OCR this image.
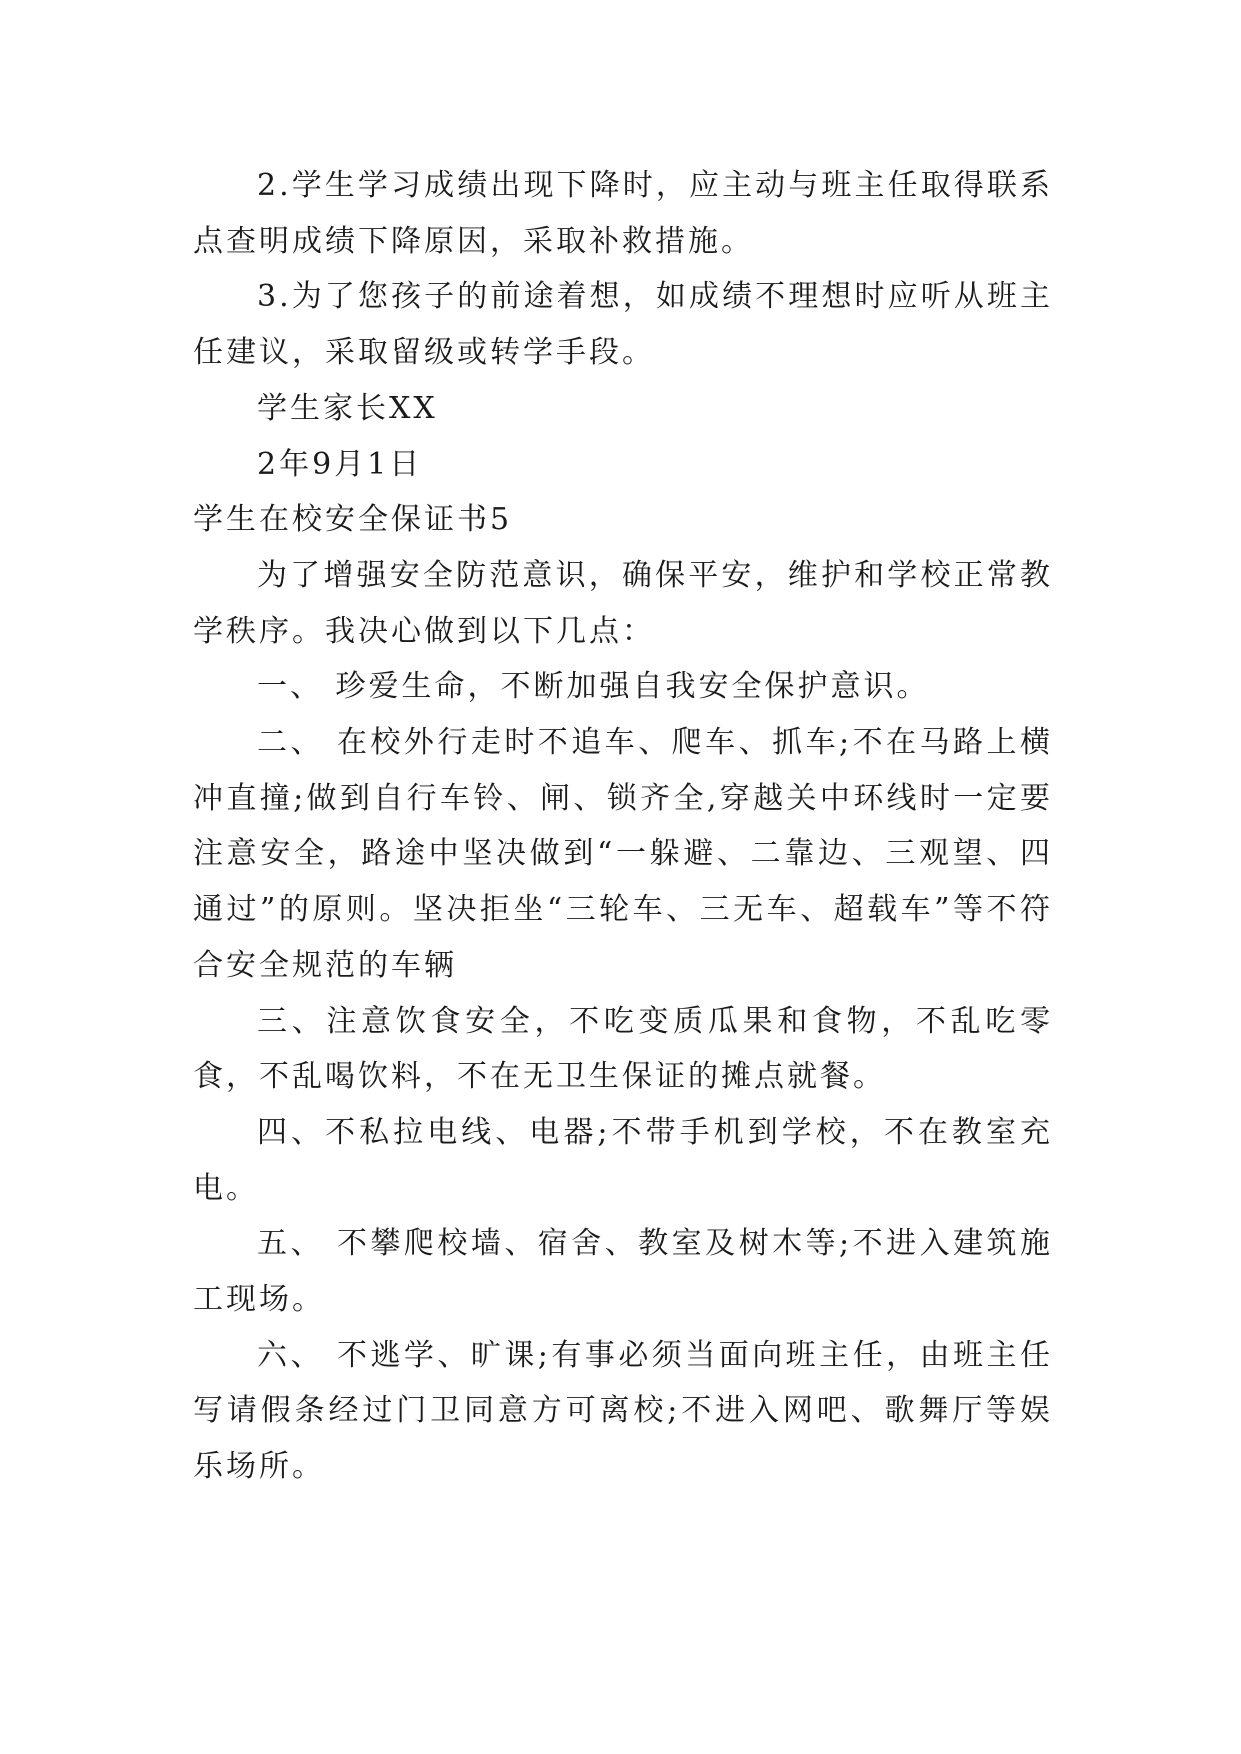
2.学生学习成绩出现下降时，应主动与班主任取得联系点查明成绩下降原因，采取补救措施。

3.为了您孩子的前途着想，如成绩不理想时应听从班主任建议，采取留级或转学手段。

学生家长XX

2年9月1日

学生在校安全保证书5

为了增强安全防范意识，确保平安，维护和学校正常教学秩序。我决心做到以下几点：

一、 珍爱生命，不断加强自我安全保护意识。

二、 在校外行走时不追车、爬车、抓车;不在马路上横冲直撞;做到自行车铃、闸、锁齐全,穿越关中环线时一定要注意安全，路途中坚决做到“一躲避、二靠边、三观望、四通过”的原则。坚决拒坐“三轮车、三无车、超载车”等不符合安全规范的车辆

三、注意饮食安全，不吃变质瓜果和食物，不乱吃零食，不乱喝饮料，不在无卫生保证的摊点就餐。

四、不私拉电线、电器;不带手机到学校，不在教室充电。

五、 不攀爬校墙、宿舍、教室及树木等;不进入建筑施工现场。

六、 不逃学、旷课;有事必须当面向班主任，由班主任写请假条经过门卫同意方可离校;不进入网吧、歌舞厅等娱乐场所。
